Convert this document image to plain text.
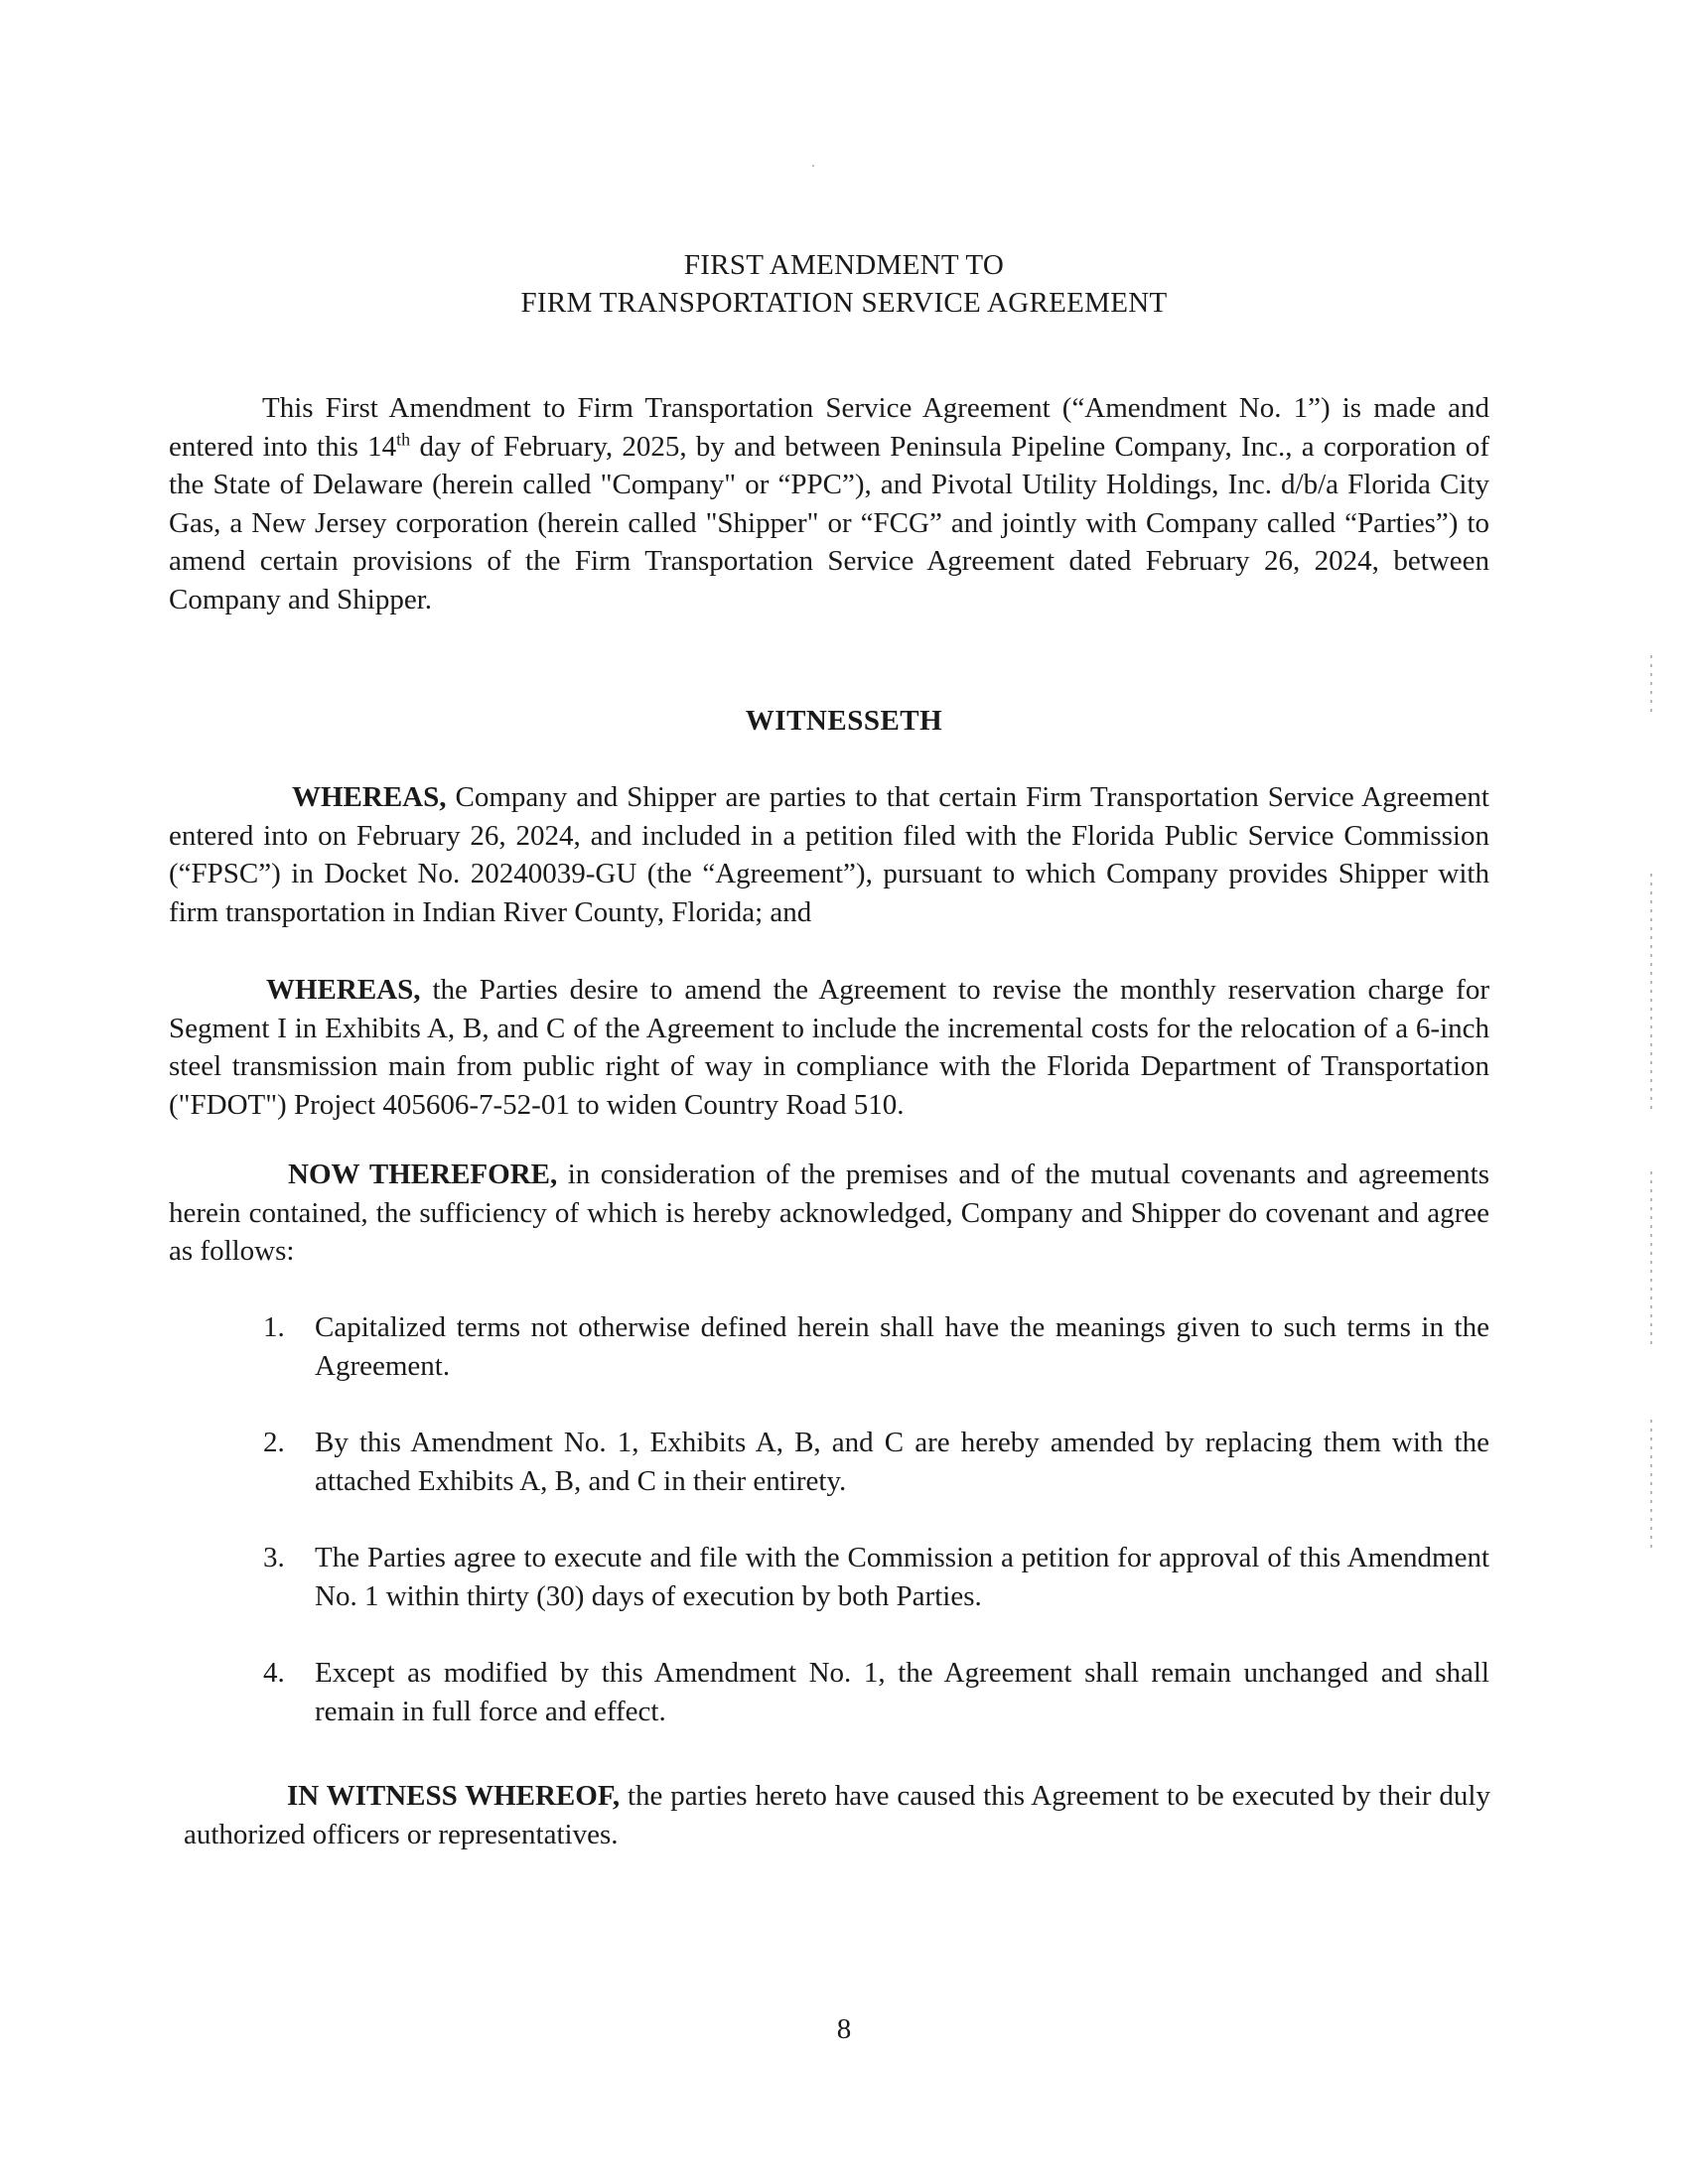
FIRST AMENDMENT TO
FIRM TRANSPORTATION SERVICE AGREEMENT

This First Amendment to Firm Transportation Service Agreement (“Amendment No. 1”) is made and entered into this 14th day of February, 2025, by and between Peninsula Pipeline Company, Inc., a corporation of the State of Delaware (herein called "Company" or “PPC”), and Pivotal Utility Holdings, Inc. d/b/a Florida City Gas, a New Jersey corporation (herein called "Shipper" or “FCG” and jointly with Company called “Parties”) to amend certain provisions of the Firm Transportation Service Agreement dated February 26, 2024, between Company and Shipper.

WITNESSETH

WHEREAS, Company and Shipper are parties to that certain Firm Transportation Service Agreement entered into on February 26, 2024, and included in a petition filed with the Florida Public Service Commission (“FPSC”) in Docket No. 20240039-GU (the “Agreement”), pursuant to which Company provides Shipper with firm transportation in Indian River County, Florida; and

WHEREAS, the Parties desire to amend the Agreement to revise the monthly reservation charge for Segment I in Exhibits A, B, and C of the Agreement to include the incremental costs for the relocation of a 6-inch steel transmission main from public right of way in compliance with the Florida Department of Transportation ("FDOT") Project 405606-7-52-01 to widen Country Road 510.

NOW THEREFORE, in consideration of the premises and of the mutual covenants and agreements herein contained, the sufficiency of which is hereby acknowledged, Company and Shipper do covenant and agree as follows:

1. Capitalized terms not otherwise defined herein shall have the meanings given to such terms in the Agreement.
2. By this Amendment No. 1, Exhibits A, B, and C are hereby amended by replacing them with the attached Exhibits A, B, and C in their entirety.
3. The Parties agree to execute and file with the Commission a petition for approval of this Amendment No. 1 within thirty (30) days of execution by both Parties.
4. Except as modified by this Amendment No. 1, the Agreement shall remain unchanged and shall remain in full force and effect.

IN WITNESS WHEREOF, the parties hereto have caused this Agreement to be executed by their duly authorized officers or representatives.

8
